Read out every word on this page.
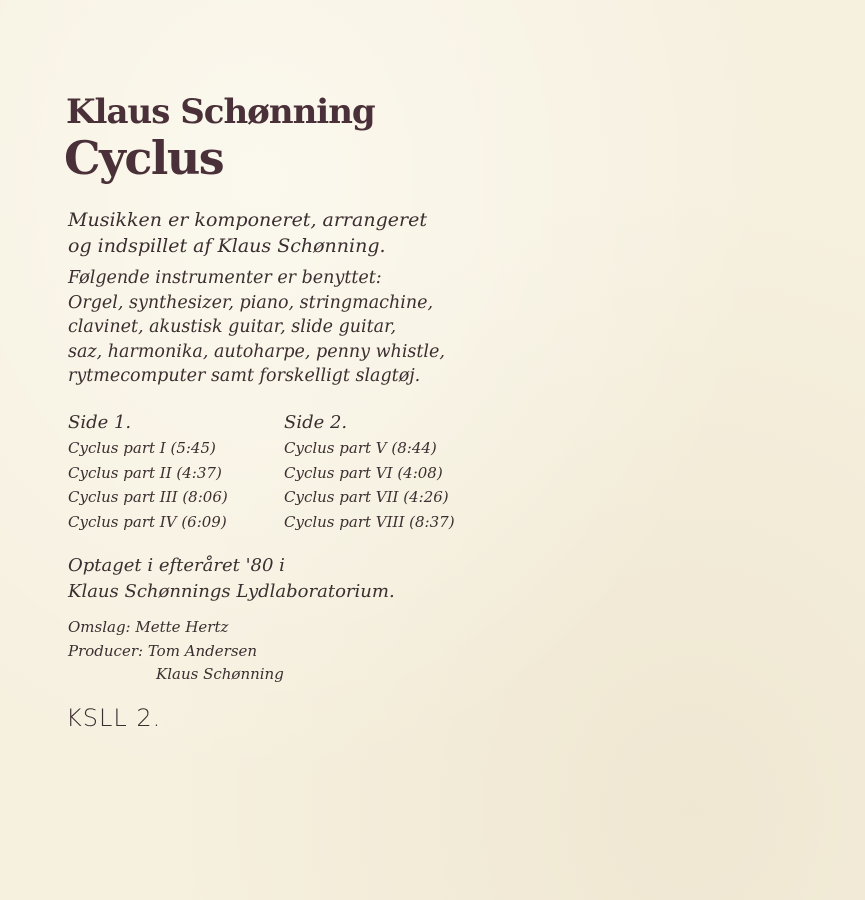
Klaus Schønning
Cyclus
Musikken er komponeret, arrangeret
og indspillet af Klaus Schønning.
Følgende instrumenter er benyttet:
Orgel, synthesizer, piano, stringmachine,
clavinet, akustisk guitar, slide guitar,
saz, harmonika, autoharpe, penny whistle,
rytmecomputer samt forskelligt slagtøj.
Side 1.
Cyclus part I (5:45)
Cyclus part II (4:37)
Cyclus part III (8:06)
Cyclus part IV (6:09)
Side 2.
Cyclus part V (8:44)
Cyclus part VI (4:08)
Cyclus part VII (4:26)
Cyclus part VIII (8:37)
Optaget i efteråret '80 i
Klaus Schønnings Lydlaboratorium.
Omslag: Mette Hertz
Producer: Tom Andersen
Klaus Schønning
KSLL 2.
